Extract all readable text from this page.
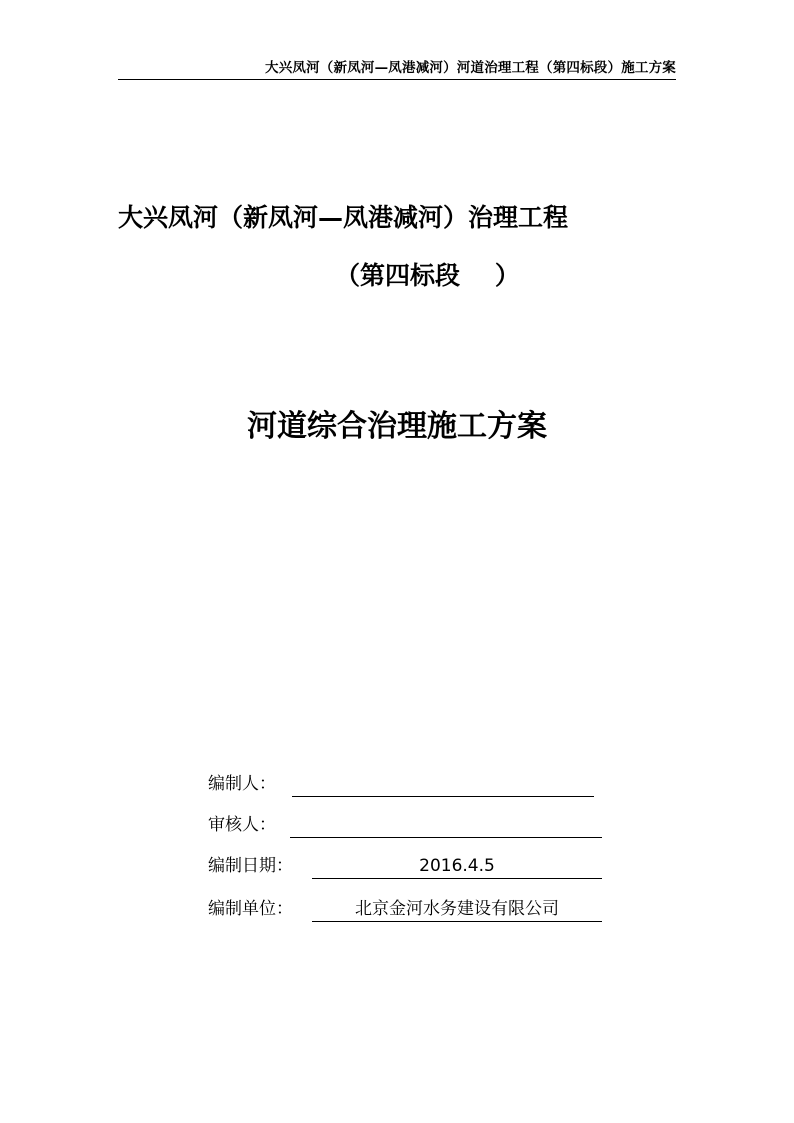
大兴凤河（新凤河—凤港减河）河道治理工程（第四标段）施工方案
大兴凤河（新凤河—凤港减河）治理工程
（第四标段    ）
河道综合治理施工方案
编制人：
审核人：
编制日期：	2016.4.5
编制单位：	北京金河水务建设有限公司
